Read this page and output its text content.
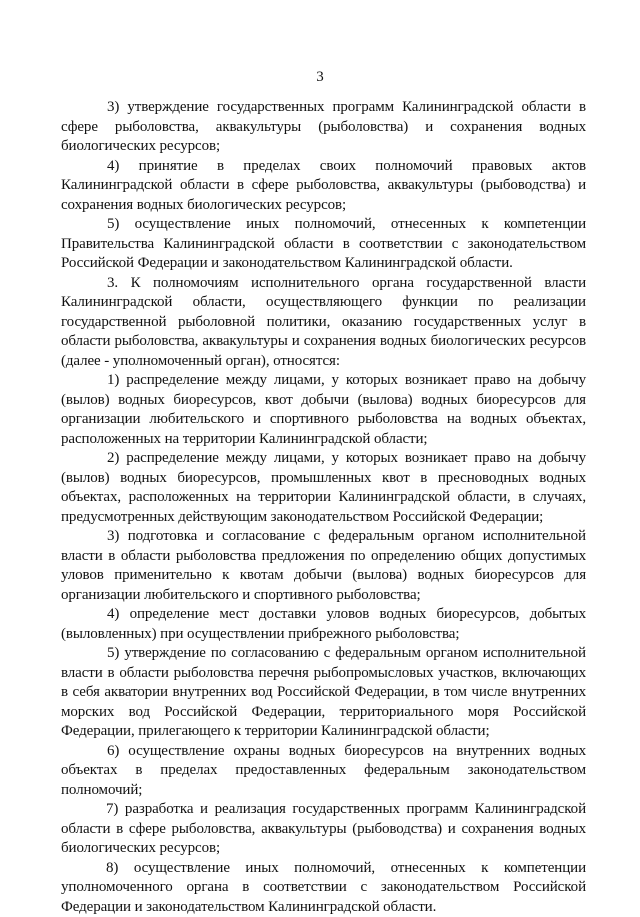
3

3) утверждение государственных программ Калининградской области в сфере рыболовства, аквакультуры (рыболовства) и сохранения водных биологических ресурсов;

4) принятие в пределах своих полномочий правовых актов Калининградской области в сфере рыболовства, аквакультуры (рыбоводства) и сохранения водных биологических ресурсов;

5) осуществление иных полномочий, отнесенных к компетенции Правительства Калининградской области в соответствии с законодательством Российской Федерации и законодательством Калининградской области.

3. К полномочиям исполнительного органа государственной власти Калининградской области, осуществляющего функции по реализации государственной рыболовной политики, оказанию государственных услуг в области рыболовства, аквакультуры и сохранения водных биологических ресурсов (далее - уполномоченный орган), относятся:

1) распределение между лицами, у которых возникает право на добычу (вылов) водных биоресурсов, квот добычи (вылова) водных биоресурсов для организации любительского и спортивного рыболовства на водных объектах, расположенных на территории Калининградской области;

2) распределение между лицами, у которых возникает право на добычу (вылов) водных биоресурсов, промышленных квот в пресноводных водных объектах, расположенных на территории Калининградской области, в случаях, предусмотренных действующим законодательством Российской Федерации;

3) подготовка и согласование с федеральным органом исполнительной власти в области рыболовства предложения по определению общих допустимых уловов применительно к квотам добычи (вылова) водных биоресурсов для организации любительского и спортивного рыболовства;

4) определение мест доставки уловов водных биоресурсов, добытых (выловленных) при осуществлении прибрежного рыболовства;

5) утверждение по согласованию с федеральным органом исполнительной власти в области рыболовства перечня рыбопромысловых участков, включающих в себя акватории внутренних вод Российской Федерации, в том числе внутренних морских вод Российской Федерации, территориального моря Российской Федерации, прилегающего к территории Калининградской области;

6) осуществление охраны водных биоресурсов на внутренних водных объектах в пределах предоставленных федеральным законодательством полномочий;

7) разработка и реализация государственных программ Калининградской области в сфере рыболовства, аквакультуры (рыбоводства) и сохранения водных биологических ресурсов;

8) осуществление иных полномочий, отнесенных к компетенции уполномоченного органа в соответствии с законодательством Российской Федерации и законодательством Калининградской области.
